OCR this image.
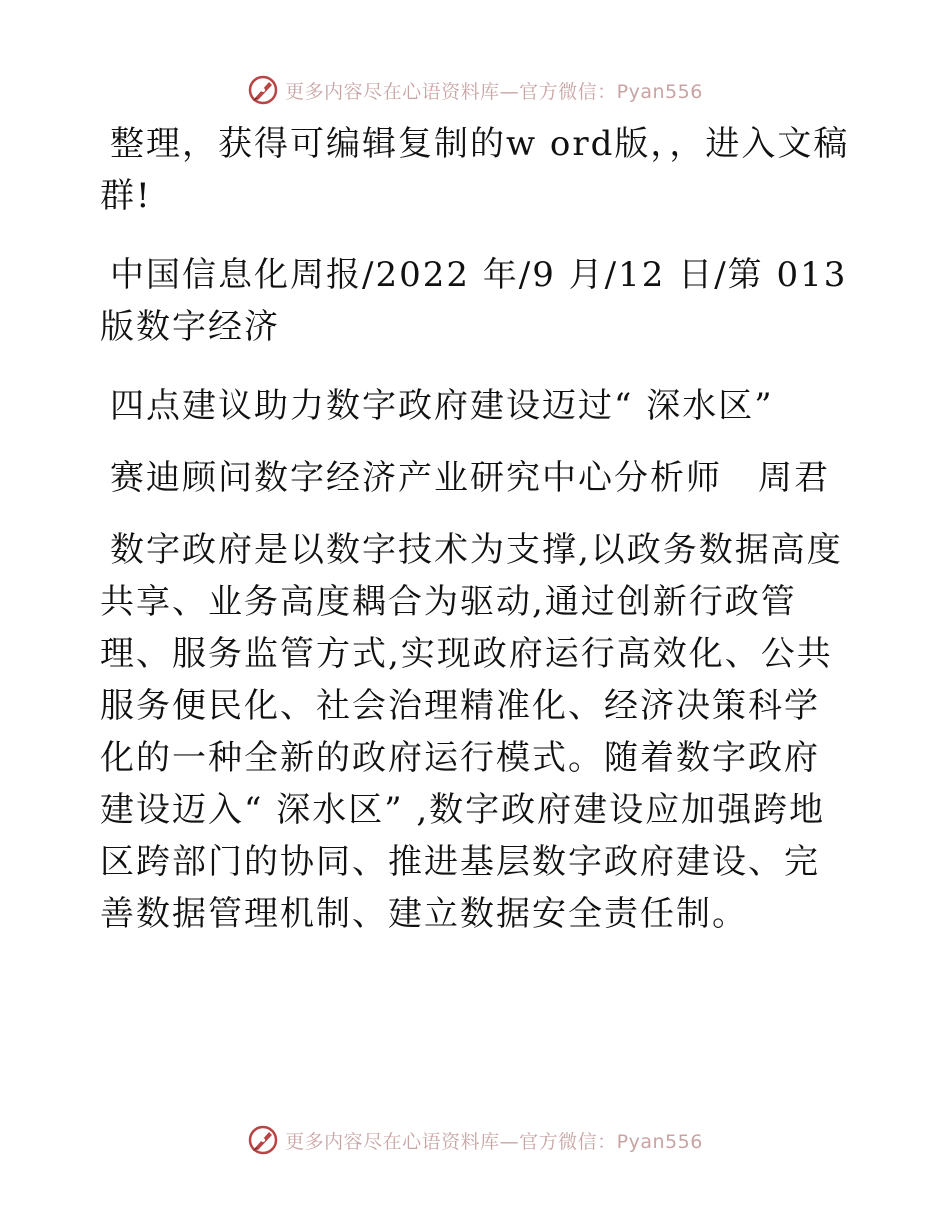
更多内容尽在心语资料库—官方微信：Pyan556

整理，获得可编辑复制的w ord版，，进入文稿群!

中国信息化周报/2022 年/9 月/12 日/第 013 版数字经济

四点建议助力数字政府建设迈过“ 深水区”

赛迪顾问数字经济产业研究中心分析师　周君

数字政府是以数字技术为支撑,以政务数据高度共享、业务高度耦合为驱动,通过创新行政管理、服务监管方式,实现政府运行高效化、公共服务便民化、社会治理精准化、经济决策科学化的一种全新的政府运行模式。随着数字政府建设迈入“ 深水区” ,数字政府建设应加强跨地区跨部门的协同、推进基层数字政府建设、完善数据管理机制、建立数据安全责任制。

更多内容尽在心语资料库—官方微信：Pyan556
